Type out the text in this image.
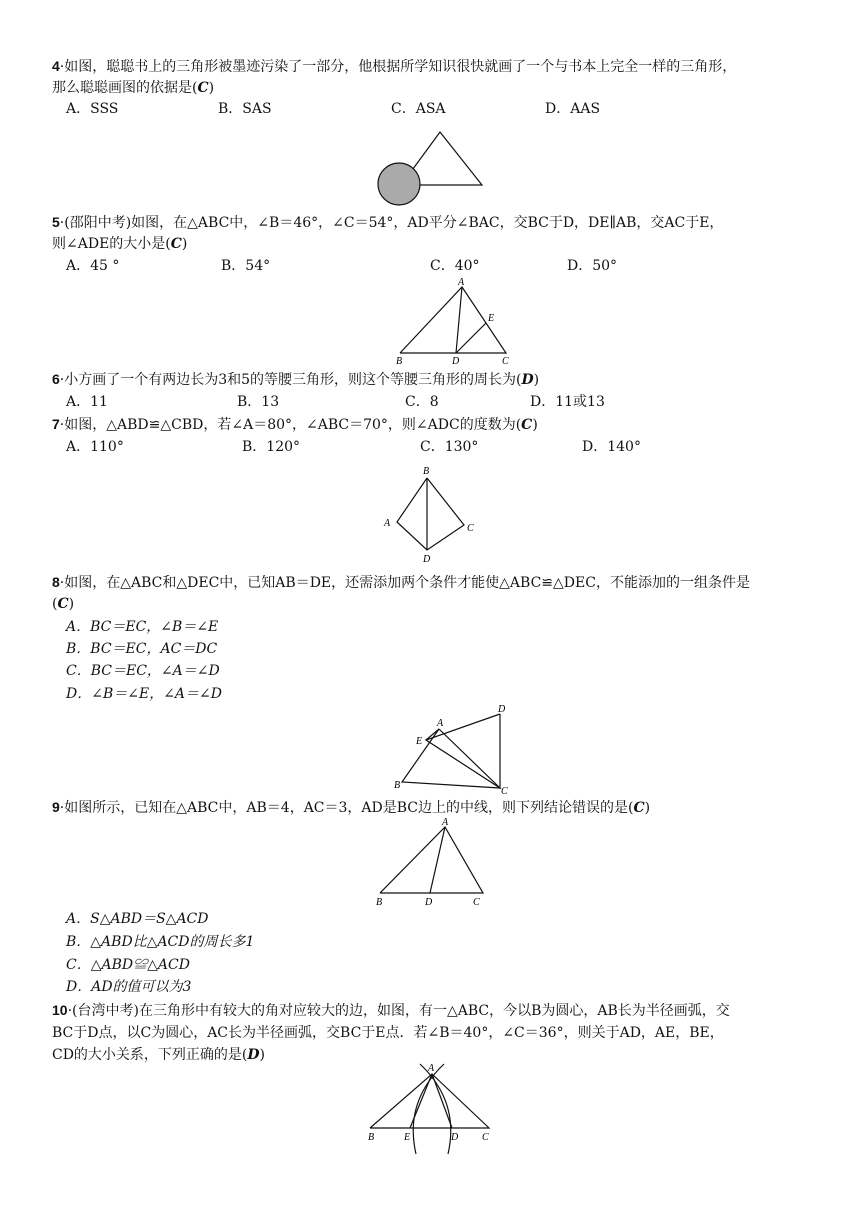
4·如图，聪聪书上的三角形被墨迹污染了一部分，他根据所学知识很快就画了一个与书本上完全一样的三角形，
那么聪聪画图的依据是(C)
A．SSS	B．SAS	C．ASA	D．AAS
5·(邵阳中考)如图，在△ABC中，∠B＝46°，∠C＝54°，AD平分∠BAC，交BC于D，DE∥AB，交AC于E，
则∠ADE的大小是(C)
A．45 °	B．54°	C．40°	D．50°
A
E
B	D	C
6·小方画了一个有两边长为3和5的等腰三角形，则这个等腰三角形的周长为(D)
A．11	B．13	C．8	D．11或13
7·如图，△ABD≌△CBD，若∠A＝80°，∠ABC＝70°，则∠ADC的度数为(C)
A．110°	B．120°	C．130°	D．140°
B
A	C
D
8·如图，在△ABC和△DEC中，已知AB＝DE，还需添加两个条件才能使△ABC≌△DEC，不能添加的一组条件是
(C)
A．BC＝EC，∠B＝∠E
B．BC＝EC，AC＝DC
C．BC＝EC，∠A＝∠D
D．∠B＝∠E，∠A＝∠D
D
A
E
B
C
9·如图所示，已知在△ABC中，AB＝4，AC＝3，AD是BC边上的中线，则下列结论错误的是(C)
A
B	D	C
A．S△ABD＝S△ACD
B．△ABD比△ACD的周长多1
C．△ABD≌△ACD
D．AD的值可以为3
10·(台湾中考)在三角形中有较大的角对应较大的边，如图，有一△ABC，今以B为圆心，AB长为半径画弧，交
BC于D点，以C为圆心，AC长为半径画弧，交BC于E点．若∠B＝40°，∠C＝36°，则关于AD，AE，BE，
CD的大小关系，下列正确的是(D)
A
B	E	D C
